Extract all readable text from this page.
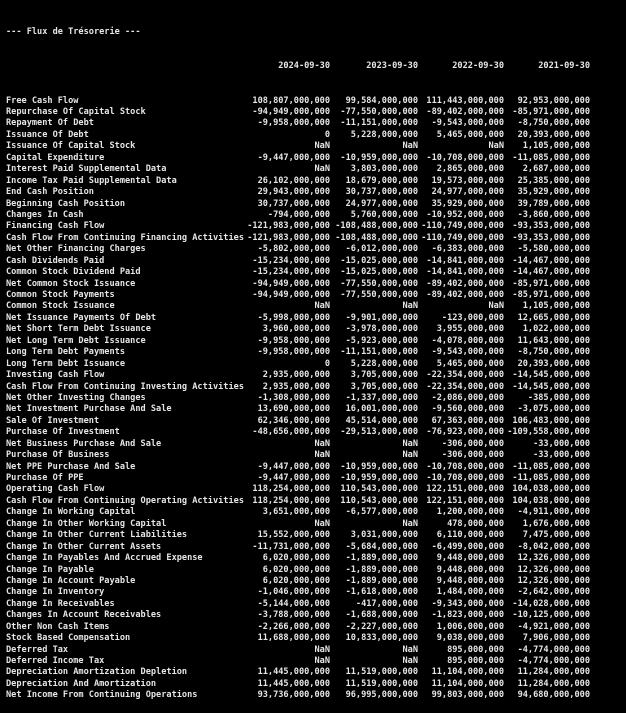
--- Flux de Trésorerie ---

2024-09-30	2023-09-30	2022-09-30	2021-09-30

Free Cash Flow	108,807,000,000	99,584,000,000 111,443,000,000	92,953,000,000
Repurchase Of Capital Stock	-94,949,000,000	-77,550,000,000 -89,402,000,000 -85,971,000,000
Repayment Of Debt	-9,958,000,000	-11,151,000,000	-9,543,000,000	-8,750,000,000
Issuance Of Debt	0	5,228,000,000	5,465,000,000	20,393,000,000
Issuance Of Capital Stock	NaN	NaN	NaN	1,105,000,000
Capital Expenditure	-9,447,000,000	-10,959,000,000 -10,708,000,000 -11,085,000,000
Interest Paid Supplemental Data	NaN	3,803,000,000	2,865,000,000	2,687,000,000
Income Tax Paid Supplemental Data	26,102,000,000	18,679,000,000	19,573,000,000	25,385,000,000
End Cash Position	29,943,000,000	30,737,000,000	24,977,000,000	35,929,000,000
Beginning Cash Position	30,737,000,000	24,977,000,000	35,929,000,000	39,789,000,000
Changes In Cash	-794,000,000	5,760,000,000 -10,952,000,000	-3,860,000,000
Financing Cash Flow	-121,983,000,000 -108,488,000,000 -110,749,000,000 -93,353,000,000
Cash Flow From Continuing Financing Activities -121,983,000,000 -108,488,000,000 -110,749,000,000 -93,353,000,000
Net Other Financing Charges	-5,802,000,000	-6,012,000,000	-6,383,000,000	-5,580,000,000
Cash Dividends Paid	-15,234,000,000	-15,025,000,000 -14,841,000,000 -14,467,000,000
Common Stock Dividend Paid	-15,234,000,000	-15,025,000,000 -14,841,000,000 -14,467,000,000
Net Common Stock Issuance	-94,949,000,000	-77,550,000,000 -89,402,000,000 -85,971,000,000
Common Stock Payments	-94,949,000,000	-77,550,000,000 -89,402,000,000 -85,971,000,000
Common Stock Issuance	NaN	NaN	NaN	1,105,000,000
Net Issuance Payments Of Debt	-5,998,000,000	-9,901,000,000	-123,000,000	12,665,000,000
Net Short Term Debt Issuance	3,960,000,000	-3,978,000,000	3,955,000,000	1,022,000,000
Net Long Term Debt Issuance	-9,958,000,000	-5,923,000,000	-4,078,000,000	11,643,000,000
Long Term Debt Payments	-9,958,000,000	-11,151,000,000	-9,543,000,000	-8,750,000,000
Long Term Debt Issuance	0	5,228,000,000	5,465,000,000	20,393,000,000
Investing Cash Flow	2,935,000,000	3,705,000,000 -22,354,000,000 -14,545,000,000
Cash Flow From Continuing Investing Activities	2,935,000,000	3,705,000,000 -22,354,000,000 -14,545,000,000
Net Other Investing Changes	-1,308,000,000	-1,337,000,000	-2,086,000,000	-385,000,000
Net Investment Purchase And Sale	13,690,000,000	16,001,000,000	-9,560,000,000	-3,075,000,000
Sale Of Investment	62,346,000,000	45,514,000,000	67,363,000,000 106,483,000,000
Purchase Of Investment	-48,656,000,000	-29,513,000,000 -76,923,000,000 -109,558,000,000
Net Business Purchase And Sale	NaN	NaN	-306,000,000	-33,000,000
Purchase Of Business	NaN	NaN	-306,000,000	-33,000,000
Net PPE Purchase And Sale	-9,447,000,000	-10,959,000,000 -10,708,000,000 -11,085,000,000
Purchase Of PPE	-9,447,000,000	-10,959,000,000 -10,708,000,000 -11,085,000,000
Operating Cash Flow	118,254,000,000	110,543,000,000 122,151,000,000 104,038,000,000
Cash Flow From Continuing Operating Activities 118,254,000,000	110,543,000,000 122,151,000,000 104,038,000,000
Change In Working Capital	3,651,000,000	-6,577,000,000	1,200,000,000	-4,911,000,000
Change In Other Working Capital	NaN	NaN	478,000,000	1,676,000,000
Change In Other Current Liabilities	15,552,000,000	3,031,000,000	6,110,000,000	7,475,000,000
Change In Other Current Assets	-11,731,000,000	-5,684,000,000	-6,499,000,000	-8,042,000,000
Change In Payables And Accrued Expense	6,020,000,000	-1,889,000,000	9,448,000,000	12,326,000,000
Change In Payable	6,020,000,000	-1,889,000,000	9,448,000,000	12,326,000,000
Change In Account Payable	6,020,000,000	-1,889,000,000	9,448,000,000	12,326,000,000
Change In Inventory	-1,046,000,000	-1,618,000,000	1,484,000,000	-2,642,000,000
Change In Receivables	-5,144,000,000	-417,000,000	-9,343,000,000 -14,028,000,000
Changes In Account Receivables	-3,788,000,000	-1,688,000,000	-1,823,000,000 -10,125,000,000
Other Non Cash Items	-2,266,000,000	-2,227,000,000	1,006,000,000	-4,921,000,000
Stock Based Compensation	11,688,000,000	10,833,000,000	9,038,000,000	7,906,000,000
Deferred Tax	NaN	NaN	895,000,000	-4,774,000,000
Deferred Income Tax	NaN	NaN	895,000,000	-4,774,000,000
Depreciation Amortization Depletion	11,445,000,000	11,519,000,000	11,104,000,000	11,284,000,000
Depreciation And Amortization	11,445,000,000	11,519,000,000	11,104,000,000	11,284,000,000
Net Income From Continuing Operations	93,736,000,000	96,995,000,000	99,803,000,000	94,680,000,000
